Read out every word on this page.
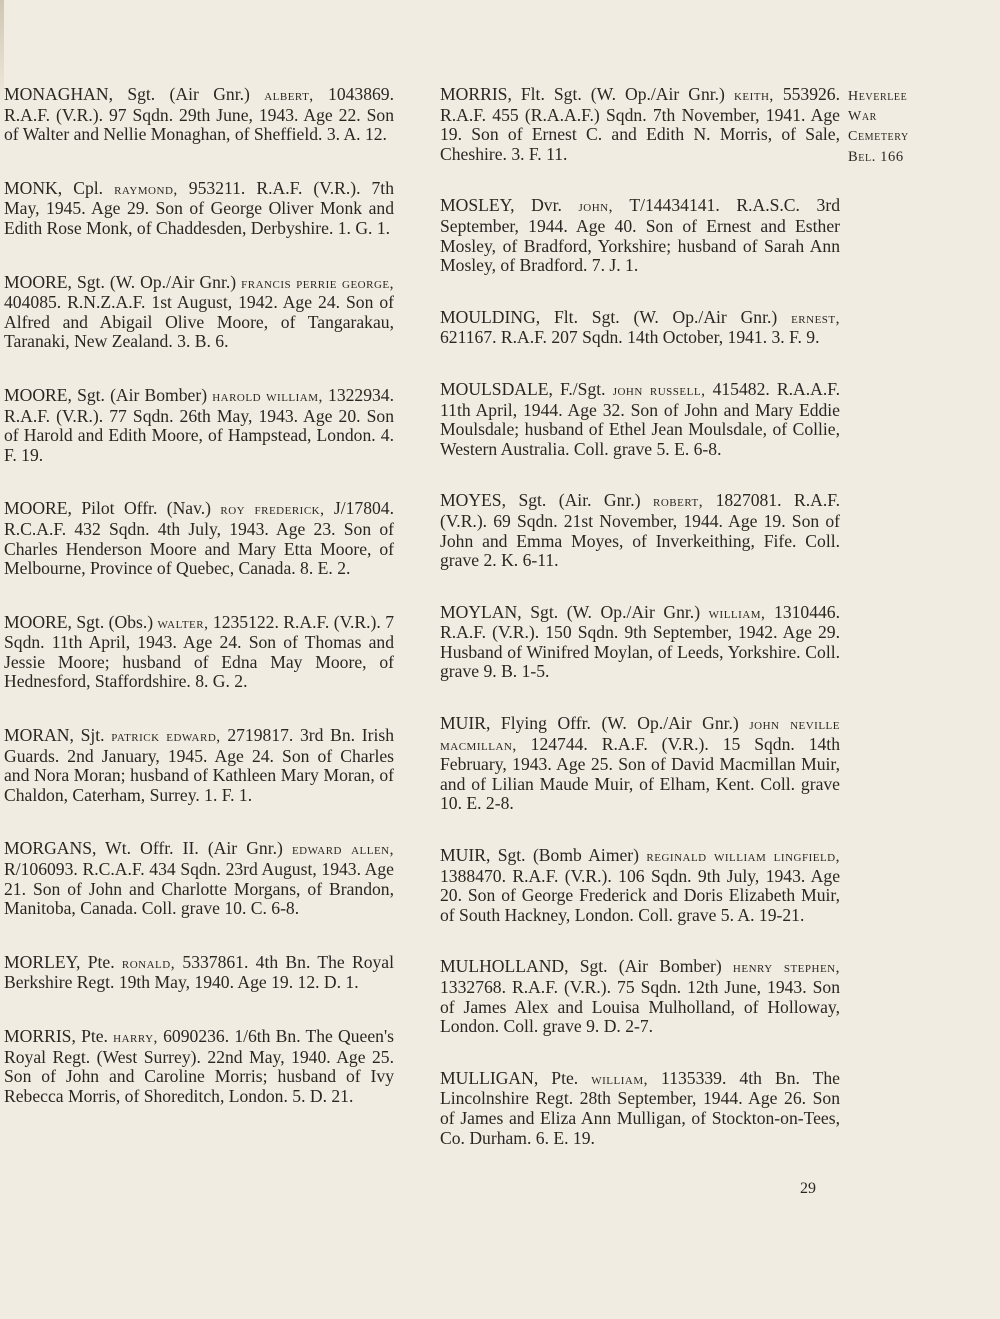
MONAGHAN, Sgt. (Air Gnr.) albert, 1043869. R.A.F. (V.R.). 97 Sqdn. 29th June, 1943. Age 22. Son of Walter and Nellie Monaghan, of Sheffield. 3. A. 12.

MONK, Cpl. raymond, 953211. R.A.F. (V.R.). 7th May, 1945. Age 29. Son of George Oliver Monk and Edith Rose Monk, of Chaddesden, Derbyshire. 1. G. 1.

MOORE, Sgt. (W. Op./Air Gnr.) francis perrie george, 404085. R.N.Z.A.F. 1st August, 1942. Age 24. Son of Alfred and Abigail Olive Moore, of Tangarakau, Taranaki, New Zealand. 3. B. 6.

MOORE, Sgt. (Air Bomber) harold william, 1322934. R.A.F. (V.R.). 77 Sqdn. 26th May, 1943. Age 20. Son of Harold and Edith Moore, of Hampstead, London. 4. F. 19.

MOORE, Pilot Offr. (Nav.) roy frederick, J/17804. R.C.A.F. 432 Sqdn. 4th July, 1943. Age 23. Son of Charles Henderson Moore and Mary Etta Moore, of Melbourne, Province of Quebec, Canada. 8. E. 2.

MOORE, Sgt. (Obs.) walter, 1235122. R.A.F. (V.R.). 7 Sqdn. 11th April, 1943. Age 24. Son of Thomas and Jessie Moore; husband of Edna May Moore, of Hednesford, Staffordshire. 8. G. 2.

MORAN, Sjt. patrick edward, 2719817. 3rd Bn. Irish Guards. 2nd January, 1945. Age 24. Son of Charles and Nora Moran; husband of Kathleen Mary Moran, of Chaldon, Caterham, Surrey. 1. F. 1.

MORGANS, Wt. Offr. II. (Air Gnr.) edward allen, R/106093. R.C.A.F. 434 Sqdn. 23rd August, 1943. Age 21. Son of John and Charlotte Morgans, of Brandon, Manitoba, Canada. Coll. grave 10. C. 6-8.

MORLEY, Pte. ronald, 5337861. 4th Bn. The Royal Berkshire Regt. 19th May, 1940. Age 19. 12. D. 1.

MORRIS, Pte. harry, 6090236. 1/6th Bn. The Queen's Royal Regt. (West Surrey). 22nd May, 1940. Age 25. Son of John and Caroline Morris; husband of Ivy Rebecca Morris, of Shoreditch, London. 5. D. 21.

MORRIS, Flt. Sgt. (W. Op./Air Gnr.) keith, 553926. R.A.F. 455 (R.A.A.F.) Sqdn. 7th November, 1941. Age 19. Son of Ernest C. and Edith N. Morris, of Sale, Cheshire. 3. F. 11.

MOSLEY, Dvr. john, T/14434141. R.A.S.C. 3rd September, 1944. Age 40. Son of Ernest and Esther Mosley, of Bradford, Yorkshire; husband of Sarah Ann Mosley, of Bradford. 7. J. 1.

MOULDING, Flt. Sgt. (W. Op./Air Gnr.) ernest, 621167. R.A.F. 207 Sqdn. 14th October, 1941. 3. F. 9.

MOULSDALE, F./Sgt. john russell, 415482. R.A.A.F. 11th April, 1944. Age 32. Son of John and Mary Eddie Moulsdale; husband of Ethel Jean Moulsdale, of Collie, Western Australia. Coll. grave 5. E. 6-8.

MOYES, Sgt. (Air. Gnr.) robert, 1827081. R.A.F. (V.R.). 69 Sqdn. 21st November, 1944. Age 19. Son of John and Emma Moyes, of Inverkeithing, Fife. Coll. grave 2. K. 6-11.

MOYLAN, Sgt. (W. Op./Air Gnr.) william, 1310446. R.A.F. (V.R.). 150 Sqdn. 9th September, 1942. Age 29. Husband of Winifred Moylan, of Leeds, Yorkshire. Coll. grave 9. B. 1-5.

MUIR, Flying Offr. (W. Op./Air Gnr.) john neville macmillan, 124744. R.A.F. (V.R.). 15 Sqdn. 14th February, 1943. Age 25. Son of David Macmillan Muir, and of Lilian Maude Muir, of Elham, Kent. Coll. grave 10. E. 2-8.

MUIR, Sgt. (Bomb Aimer) reginald william lingfield, 1388470. R.A.F. (V.R.). 106 Sqdn. 9th July, 1943. Age 20. Son of George Frederick and Doris Elizabeth Muir, of South Hackney, London. Coll. grave 5. A. 19-21.

MULHOLLAND, Sgt. (Air Bomber) henry stephen, 1332768. R.A.F. (V.R.). 75 Sqdn. 12th June, 1943. Son of James Alex and Louisa Mulholland, of Holloway, London. Coll. grave 9. D. 2-7.

MULLIGAN, Pte. william, 1135339. 4th Bn. The Lincolnshire Regt. 28th September, 1944. Age 26. Son of James and Eliza Ann Mulligan, of Stockton-on-Tees, Co. Durham. 6. E. 19.

Heverlee
War
Cemetery
Bel. 166
29
